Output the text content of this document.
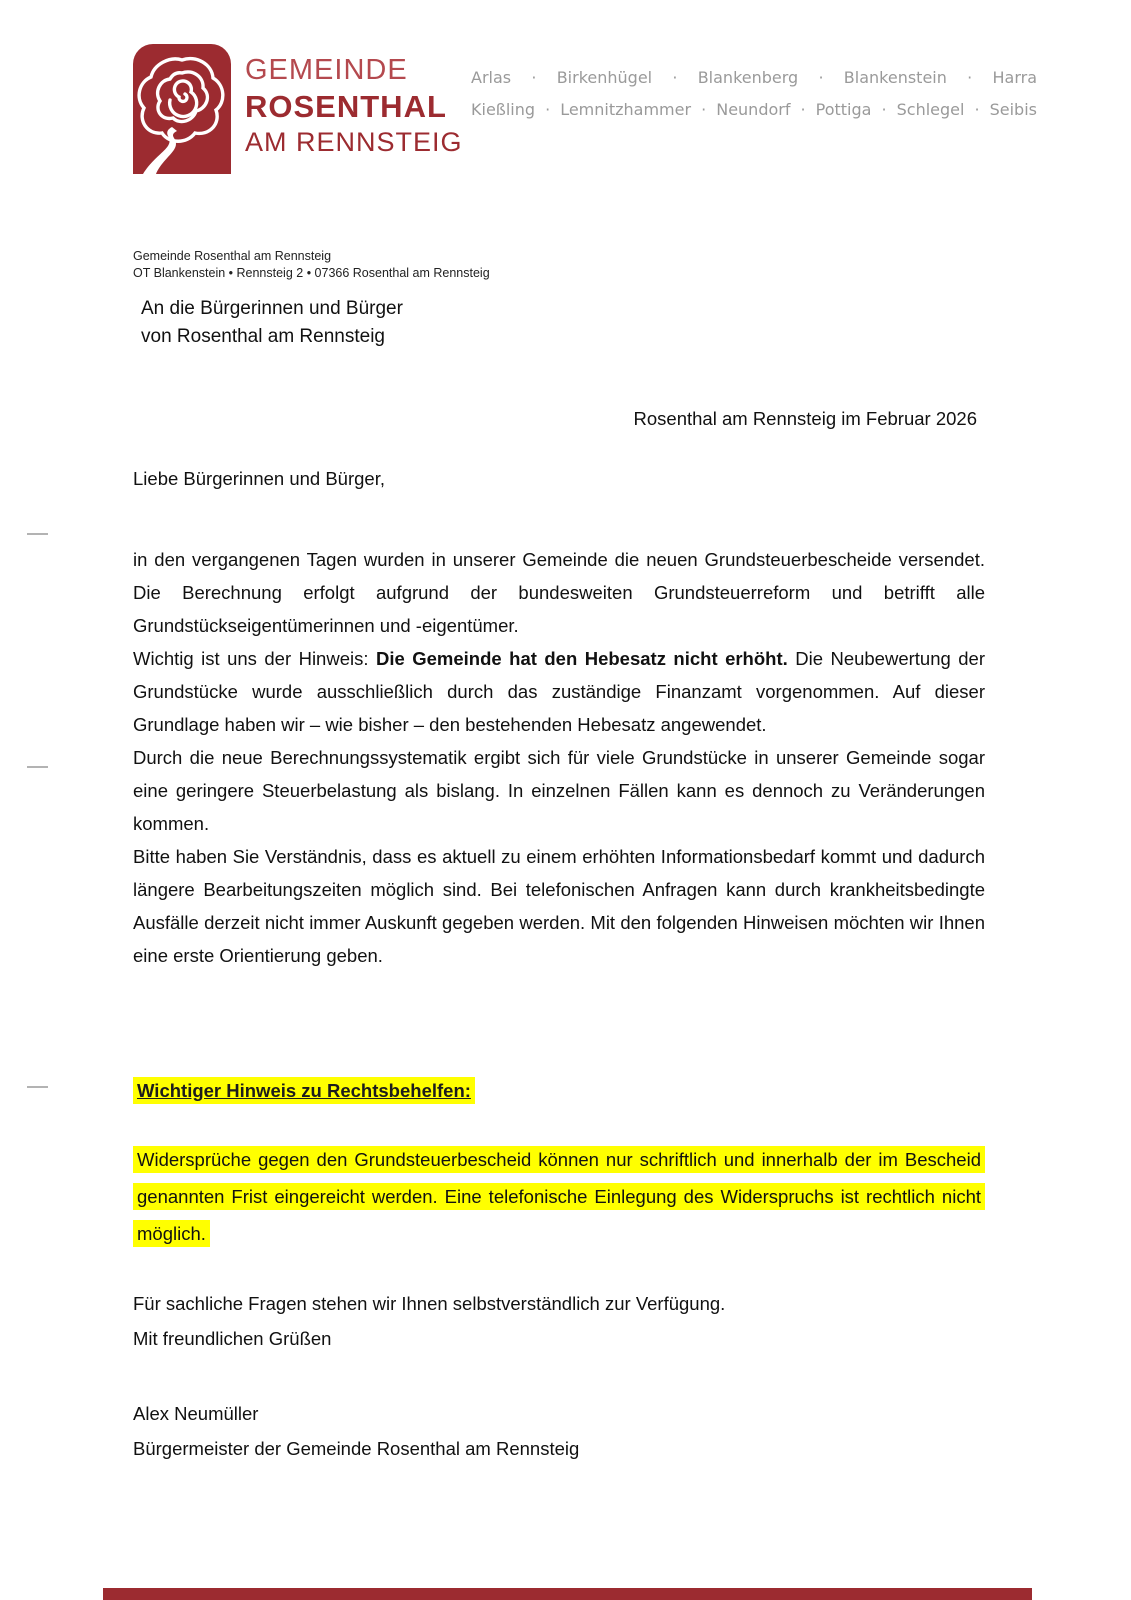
GEMEINDE
ROSENTHAL
AM RENNSTEIG
Arlas · Birkenhügel · Blankenberg · Blankenstein · Harra
Kießling · Lemnitzhammer · Neundorf · Pottiga · Schlegel · Seibis
Gemeinde Rosenthal am Rennsteig
OT Blankenstein • Rennsteig 2 • 07366 Rosenthal am Rennsteig
An die Bürgerinnen und Bürger
von Rosenthal am Rennsteig
Rosenthal am Rennsteig im Februar 2026
Liebe Bürgerinnen und Bürger,

in den vergangenen Tagen wurden in unserer Gemeinde die neuen Grundsteuerbescheide versendet. Die Berechnung erfolgt aufgrund der bundesweiten Grundsteuerreform und betrifft alle Grundstückseigentümerinnen und -eigentümer.

Wichtig ist uns der Hinweis: Die Gemeinde hat den Hebesatz nicht erhöht. Die Neubewertung der Grundstücke wurde ausschließlich durch das zuständige Finanzamt vorgenommen. Auf dieser Grundlage haben wir – wie bisher – den bestehenden Hebesatz angewendet.

Durch die neue Berechnungssystematik ergibt sich für viele Grundstücke in unserer Gemeinde sogar eine geringere Steuerbelastung als bislang. In einzelnen Fällen kann es dennoch zu Veränderungen kommen.

Bitte haben Sie Verständnis, dass es aktuell zu einem erhöhten Informationsbedarf kommt und dadurch längere Bearbeitungszeiten möglich sind. Bei telefonischen Anfragen kann durch krankheitsbedingte Ausfälle derzeit nicht immer Auskunft gegeben werden. Mit den folgenden Hinweisen möchten wir Ihnen eine erste Orientierung geben.

Wichtiger Hinweis zu Rechtsbehelfen:

Widersprüche gegen den Grundsteuerbescheid können nur schriftlich und innerhalb der im Bescheid genannten Frist eingereicht werden. Eine telefonische Einlegung des Widerspruchs ist rechtlich nicht möglich.

Für sachliche Fragen stehen wir Ihnen selbstverständlich zur Verfügung.
Mit freundlichen Grüßen
Alex Neumüller
Bürgermeister der Gemeinde Rosenthal am Rennsteig
